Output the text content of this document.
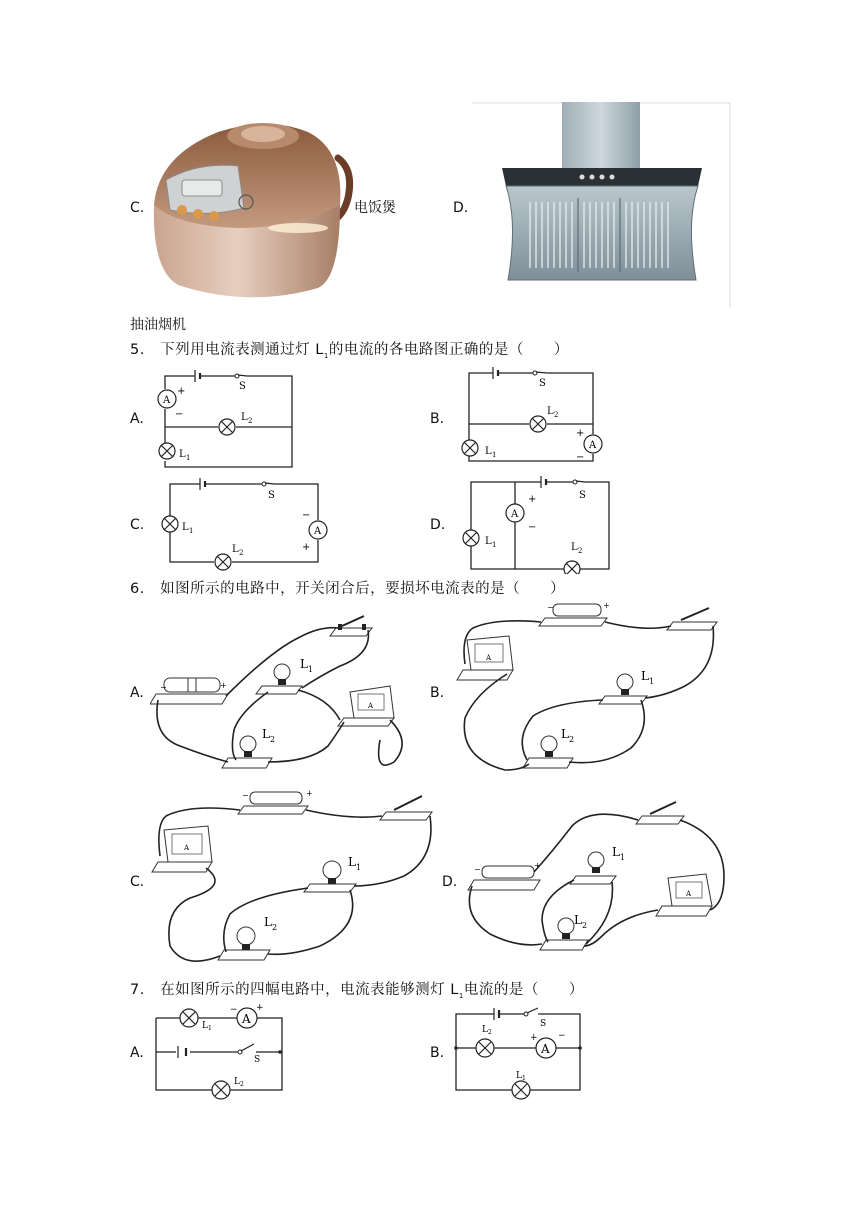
C.	电饭煲	D.
抽油烟机
5. 下列用电流表测通过灯 $L_1$的电流的各电路图正确的是（　　）
A.
S
A
+
−	L 2
L 1
B.
S
L 2
L 1
A
+
−
C.
S
L 1
L 2
A
−
+
D.
S
A
+
−
L 1	L 2
6. 如图所示的电路中，开关闭合后，要损坏电流表的是（　　）
A. −	+
L 1
A
L 2
B.
−	+
A
L 1
L 2
C.
−	+
A
L 1
L 2
D.
−	+
L 1
A
L 2
7. 在如图所示的四幅电路中，电流表能够测灯 $L_1$电流的是（　　）
A.
L 1
A
− +
S
L 2
B.
S
L 2
A
+ −
L 1
